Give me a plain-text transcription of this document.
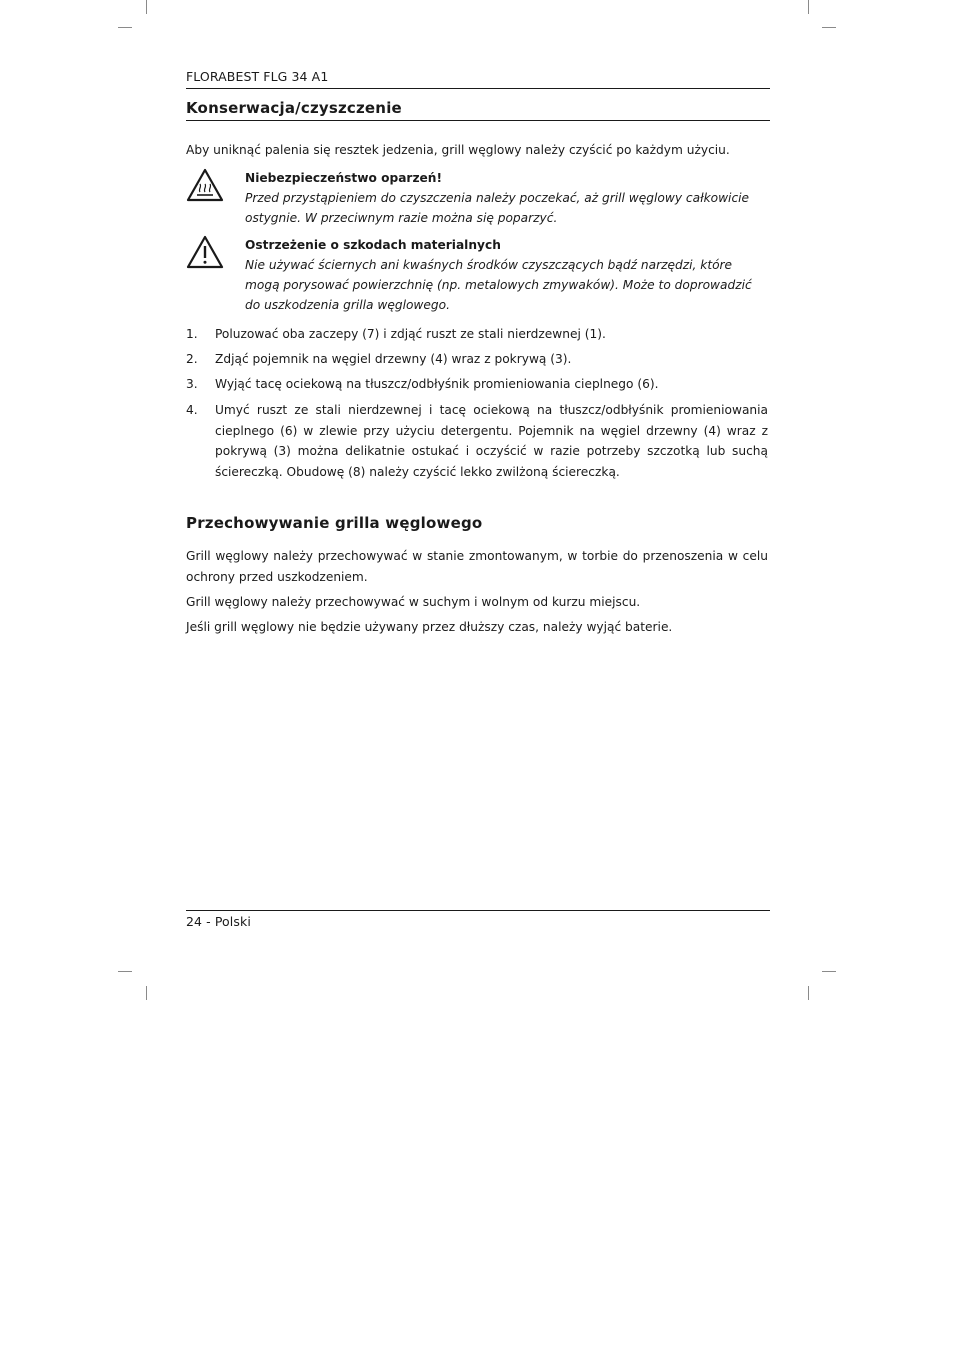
FLORABEST FLG 34 A1
Konserwacja/czyszczenie

Aby uniknąć palenia się resztek jedzenia, grill węglowy należy czyścić po każdym użyciu.

Niebezpieczeństwo oparzeń!
Przed przystąpieniem do czyszczenia należy poczekać, aż grill węglowy całkowicie ostygnie. W przeciwnym razie można się poparzyć.
Ostrzeżenie o szkodach materialnych
Nie używać ściernych ani kwaśnych środków czyszczących bądź narzędzi, które mogą porysować powierzchnię (np. metalowych zmywaków). Może to doprowadzić do uszkodzenia grilla węglowego.
1. Poluzować oba zaczepy (7) i zdjąć ruszt ze stali nierdzewnej (1).
2. Zdjąć pojemnik na węgiel drzewny (4) wraz z pokrywą (3).
3. Wyjąć tacę ociekową na tłuszcz/odbłyśnik promieniowania cieplnego (6).
4. Umyć ruszt ze stali nierdzewnej i tacę ociekową na tłuszcz/odbłyśnik promieniowania cieplnego (6) w zlewie przy użyciu detergentu. Pojemnik na węgiel drzewny (4) wraz z pokrywą (3) można delikatnie ostukać i oczyścić w razie potrzeby szczotką lub suchą ściereczką. Obudowę (8) należy czyścić lekko zwilżoną ściereczką.
Przechowywanie grilla węglowego

Grill węglowy należy przechowywać w stanie zmontowanym, w torbie do przenoszenia w celu ochrony przed uszkodzeniem.

Grill węglowy należy przechowywać w suchym i wolnym od kurzu miejscu.

Jeśli grill węglowy nie będzie używany przez dłuższy czas, należy wyjąć baterie.

24 - Polski
